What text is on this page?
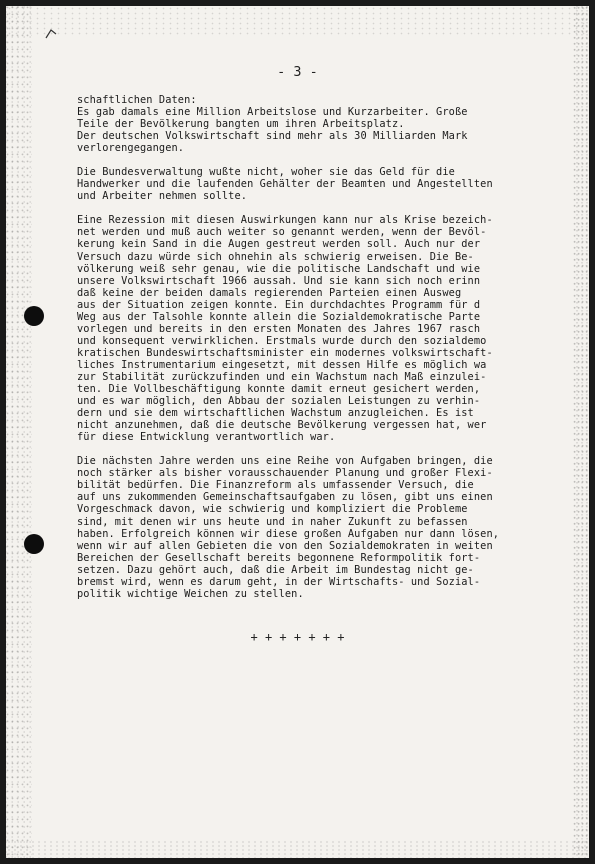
- 3 -
schaftlichen Daten:
Es gab damals eine Million Arbeitslose und Kurzarbeiter. Große
Teile der Bevölkerung bangten um ihren Arbeitsplatz.
Der deutschen Volkswirtschaft sind mehr als 30 Milliarden Mark
verlorengegangen.
Die Bundesverwaltung wußte nicht, woher sie das Geld für die
Handwerker und die laufenden Gehälter der Beamten und Angestellten
und Arbeiter nehmen sollte.
Eine Rezession mit diesen Auswirkungen kann nur als Krise bezeich-
net werden und muß auch weiter so genannt werden, wenn der Bevöl-
kerung kein Sand in die Augen gestreut werden soll. Auch nur der
Versuch dazu würde sich ohnehin als schwierig erweisen. Die Be-
völkerung weiß sehr genau, wie die politische Landschaft und wie
unsere Volkswirtschaft 1966 aussah. Und sie kann sich noch erinn
daß keine der beiden damals regierenden Parteien einen Ausweg
aus der Situation zeigen konnte. Ein durchdachtes Programm für d
Weg aus der Talsohle konnte allein die Sozialdemokratische Parte
vorlegen und bereits in den ersten Monaten des Jahres 1967 rasch
und konsequent verwirklichen. Erstmals wurde durch den sozialdemo
kratischen Bundeswirtschaftsminister ein modernes volkswirtschaft-
liches Instrumentarium eingesetzt, mit dessen Hilfe es möglich wa
zur Stabilität zurückzufinden und ein Wachstum nach Maß einzulei-
ten. Die Vollbeschäftigung konnte damit erneut gesichert werden,
und es war möglich, den Abbau der sozialen Leistungen zu verhin-
dern und sie dem wirtschaftlichen Wachstum anzugleichen. Es ist
nicht anzunehmen, daß die deutsche Bevölkerung vergessen hat, wer
für diese Entwicklung verantwortlich war.
Die nächsten Jahre werden uns eine Reihe von Aufgaben bringen, die
noch stärker als bisher vorausschauender Planung und großer Flexi-
bilität bedürfen. Die Finanzreform als umfassender Versuch, die
auf uns zukommenden Gemeinschaftsaufgaben zu lösen, gibt uns einen
Vorgeschmack davon, wie schwierig und kompliziert die Probleme
sind, mit denen wir uns heute und in naher Zukunft zu befassen
haben. Erfolgreich können wir diese großen Aufgaben nur dann lösen,
wenn wir auf allen Gebieten die von den Sozialdemokraten in weiten
Bereichen der Gesellschaft bereits begonnene Reformpolitik fort-
setzen. Dazu gehört auch, daß die Arbeit im Bundestag nicht ge-
bremst wird, wenn es darum geht, in der Wirtschafts- und Sozial-
politik wichtige Weichen zu stellen.
+ + + + + + +
